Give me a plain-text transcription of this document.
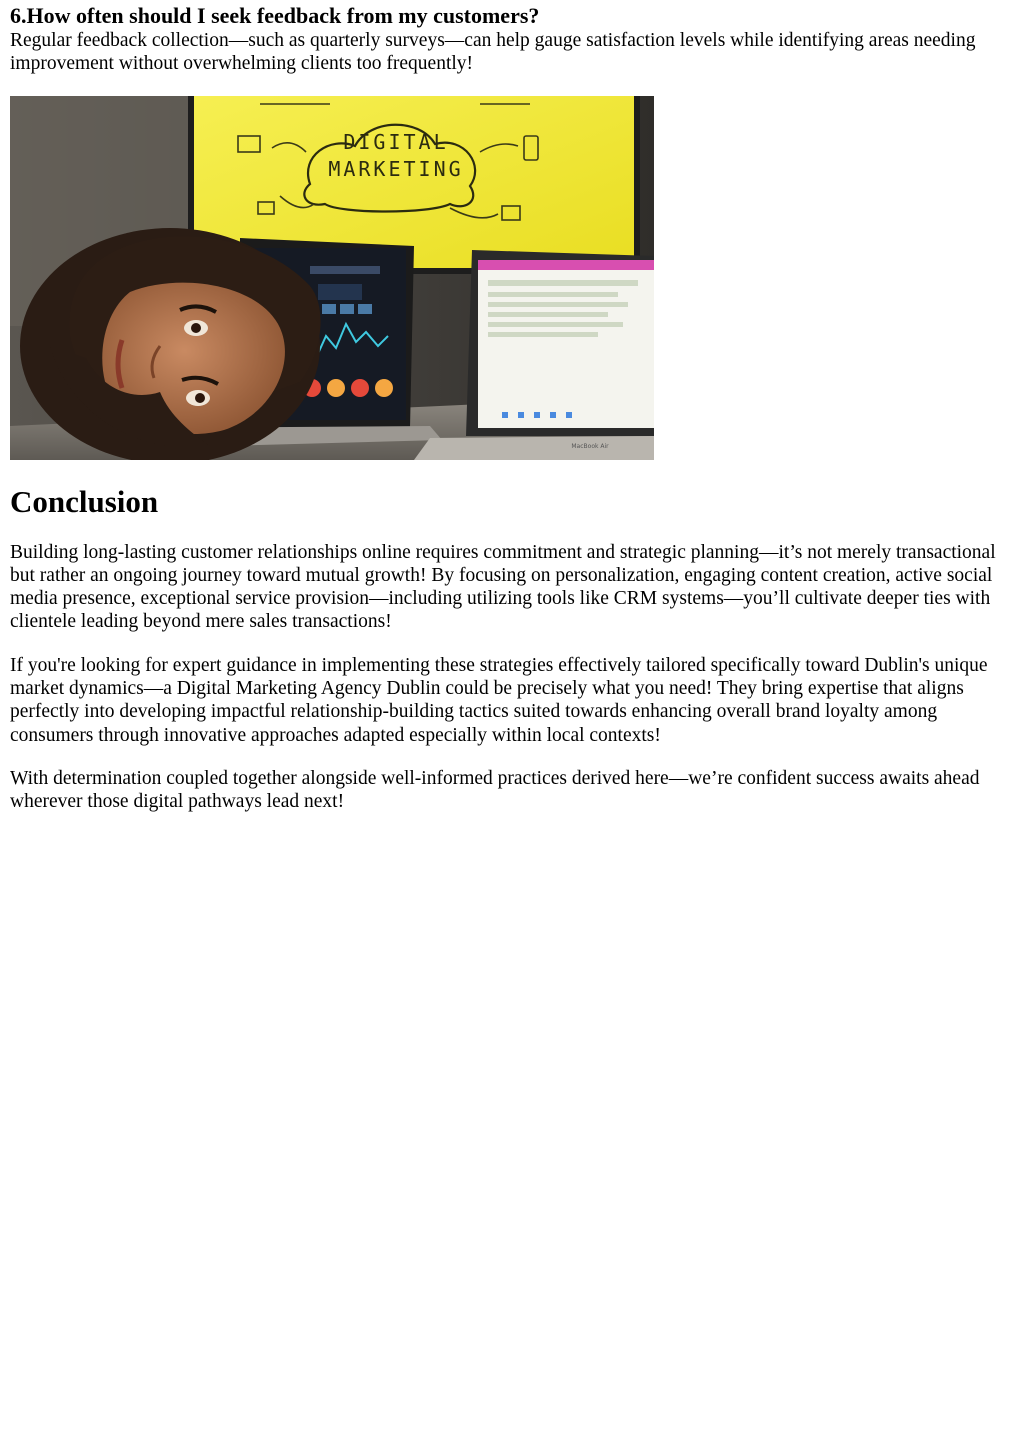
6.How often should I seek feedback from my customers?

Regular feedback collection—such as quarterly surveys—can help gauge satisfaction levels while identifying areas needing improvement without overwhelming clients too frequently!

DIGITAL
MARKETING
MacBook Air
Conclusion

Building long-lasting customer relationships online requires commitment and strategic planning—it’s not merely transactional but rather an ongoing journey toward mutual growth! By focusing on personalization, engaging content creation, active social media presence, exceptional service provision—including utilizing tools like CRM systems—you’ll cultivate deeper ties with clientele leading beyond mere sales transactions!

If you're looking for expert guidance in implementing these strategies effectively tailored specifically toward Dublin's unique market dynamics—a Digital Marketing Agency Dublin could be precisely what you need! They bring expertise that aligns perfectly into developing impactful relationship-building tactics suited towards enhancing overall brand loyalty among consumers through innovative approaches adapted especially within local contexts!

With determination coupled together alongside well-informed practices derived here—we’re confident success awaits ahead wherever those digital pathways lead next!
